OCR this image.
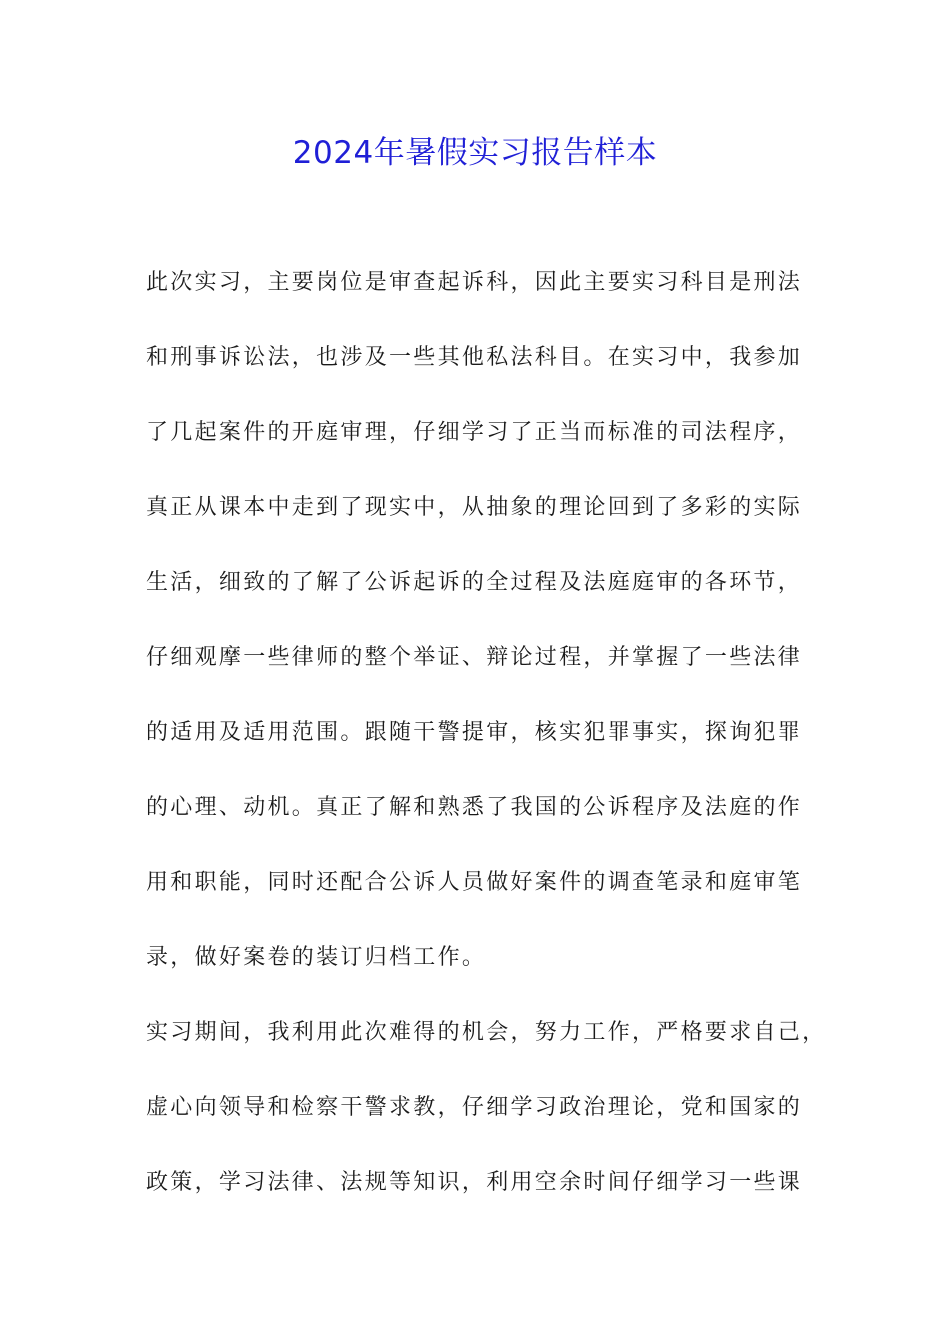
2024年暑假实习报告样本
此次实习，主要岗位是审查起诉科，因此主要实习科目是刑法
和刑事诉讼法，也涉及一些其他私法科目。在实习中，我参加
了几起案件的开庭审理，仔细学习了正当而标准的司法程序，
真正从课本中走到了现实中，从抽象的理论回到了多彩的实际
生活，细致的了解了公诉起诉的全过程及法庭庭审的各环节，
仔细观摩一些律师的整个举证、辩论过程，并掌握了一些法律
的适用及适用范围。跟随干警提审，核实犯罪事实，探询犯罪
的心理、动机。真正了解和熟悉了我国的公诉程序及法庭的作
用和职能，同时还配合公诉人员做好案件的调查笔录和庭审笔
录，做好案卷的装订归档工作。
实习期间，我利用此次难得的机会，努力工作，严格要求自己，
虚心向领导和检察干警求教，仔细学习政治理论，党和国家的
政策，学习法律、法规等知识，利用空余时间仔细学习一些课
